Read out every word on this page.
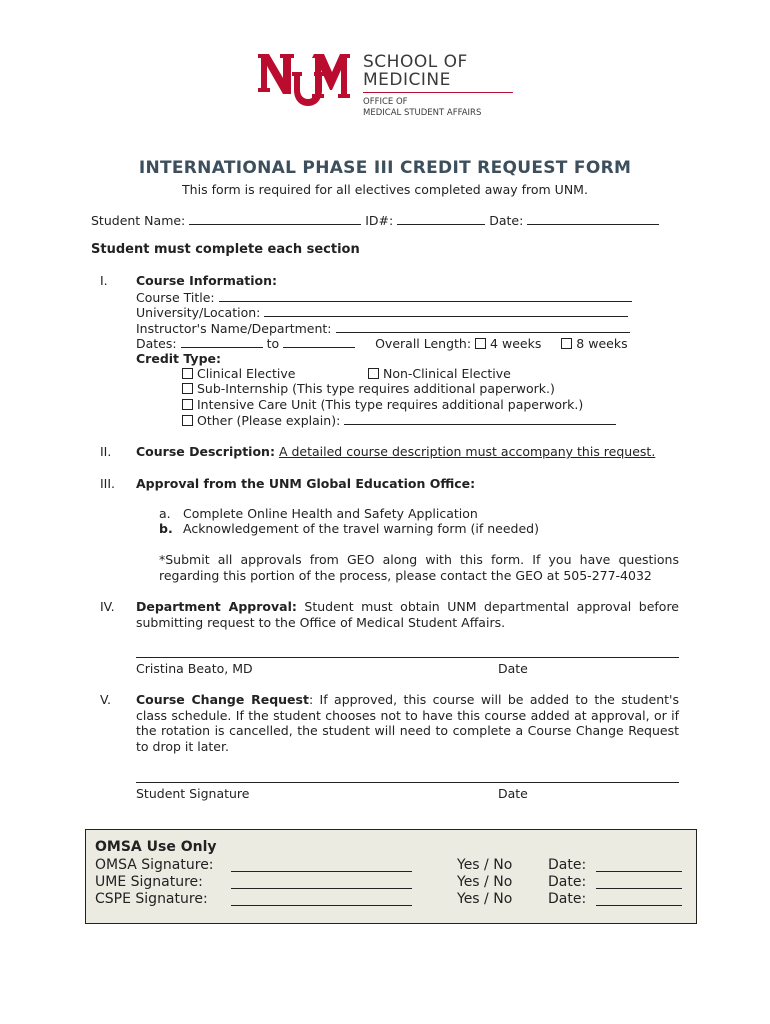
SCHOOL OF
MEDICINE
OFFICE OF
MEDICAL STUDENT AFFAIRS
INTERNATIONAL PHASE III CREDIT REQUEST FORM
This form is required for all electives completed away from UNM.
Student Name:	ID#:	Date:
Student must complete each section
I. Course Information:
Course Title:
University/Location:
Instructor's Name/Department:
Dates:	to	Overall Length: 4 weeks	8 weeks
Credit Type:
Clinical Elective	Non-Clinical Elective
Sub-Internship (This type requires additional paperwork.)
Intensive Care Unit (This type requires additional paperwork.)
Other (Please explain):
II. Course Description: A detailed course description must accompany this request.
III. Approval from the UNM Global Education Office:
a. Complete Online Health and Safety Application
b. Acknowledgement of the travel warning form (if needed)
*Submit all approvals from GEO along with this form. If you have questions regarding this portion of the process, please contact the GEO at 505-277-4032
IV. Department Approval: Student must obtain UNM departmental approval before submitting request to the Office of Medical Student Affairs.
Cristina Beato, MD	Date
V. Course Change Request: If approved, this course will be added to the student's class schedule. If the student chooses not to have this course added at approval, or if the rotation is cancelled, the student will need to complete a Course Change Request to drop it later.
Student Signature	Date
OMSA Use Only
OMSA Signature:	Yes / No	Date:
UME Signature:	Yes / No	Date:
CSPE Signature:	Yes / No	Date:
